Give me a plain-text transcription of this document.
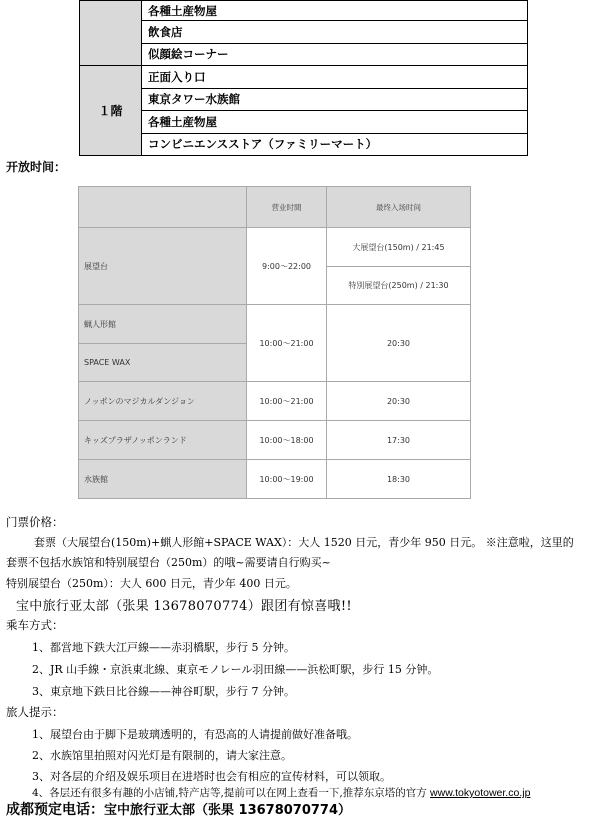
	各種土産物屋
	飲食店
	似顔絵コーナー
１階	正面入り口
	東京タワー水族館
	各種土産物屋
	コンビニエンスストア（ファミリーマート）
开放时间：
	营业时間	最终入场时间
展望台	9:00～22:00	大展望台(150m) / 21:45
		特別展望台(250m) / 21:30
蝋人形館	10:00～21:00	20:30
SPACE WAX		
ノッポンのマジカルダンジョン	10:00～21:00	20:30
キッズプラザノッポンランド	10:00～18:00	17:30
水族館	10:00～19:00	18:30
门票价格：
套票（大展望台(150m)+蝋人形館+SPACE WAX）：大人 1520 日元，青少年 950 日元。 ※注意啦，这里的
套票不包括水族馆和特别展望台（250m）的哦~需要请自行购买~
特别展望台（250m）：大人 600 日元，青少年 400 日元。
宝中旅行亚太部（张果 13678070774）跟团有惊喜哦!!
乘车方式：
1、都営地下鉄大江戸線——赤羽橋駅，步行 5 分钟。
2、JR 山手線・京浜東北線、東京モノレール羽田線——浜松町駅，步行 15 分钟。
3、東京地下鉄日比谷線——神谷町駅，步行 7 分钟。
旅人提示：
1、展望台由于脚下是玻璃透明的，有恐高的人请提前做好准备哦。
2、水族馆里拍照对闪光灯是有限制的，请大家注意。
3、对各层的介绍及娱乐项目在进塔时也会有相应的宣传材料，可以领取。
4、各层还有很多有趣的小店铺,特产店等,提前可以在网上查看一下,推荐东京塔的官方 www.tokyotower.co.jp
成都预定电话：宝中旅行亚太部（张果 13678070774）
